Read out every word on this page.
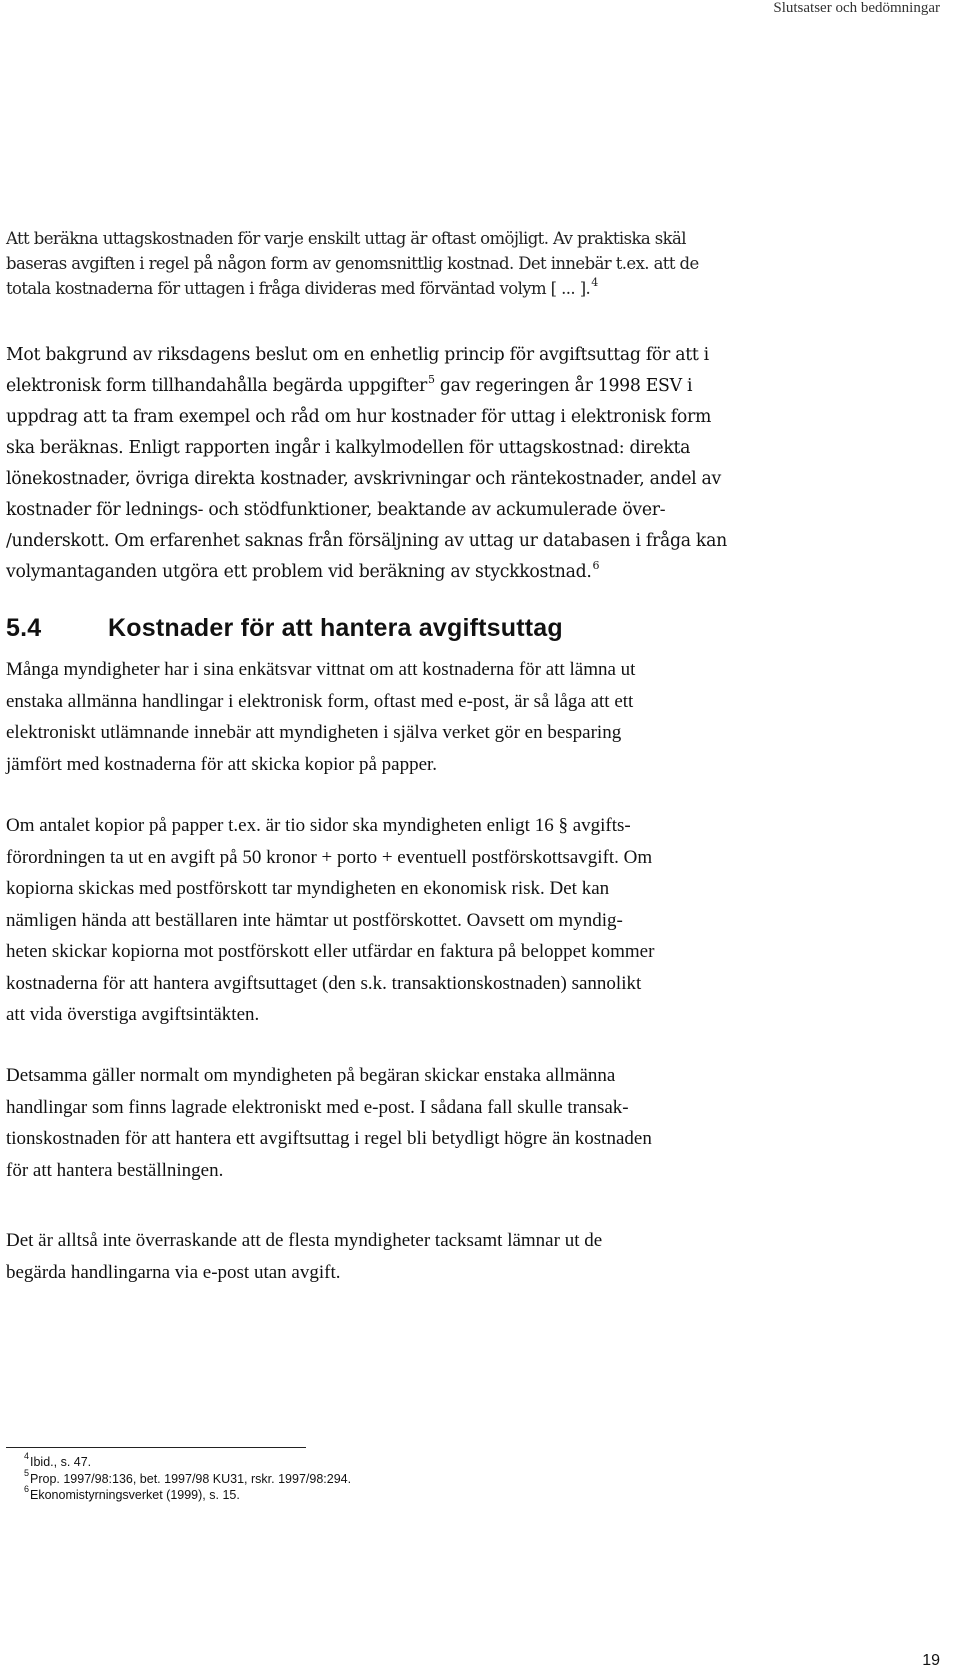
Slutsatser och bedömningar

Att beräkna uttagskostnaden för varje enskilt uttag är oftast omöjligt. Av praktiska skäl
baseras avgiften i regel på någon form av genomsnittlig kostnad. Det innebär t.ex. att de
totala kostnaderna för uttagen i fråga divideras med förväntad volym [ ... ].$^4$

Mot bakgrund av riksdagens beslut om en enhetlig princip för avgiftsuttag för att i
elektronisk form tillhandahålla begärda uppgifter$^5$ gav regeringen år 1998 ESV i
uppdrag att ta fram exempel och råd om hur kostnader för uttag i elektronisk form
ska beräknas. Enligt rapporten ingår i kalkylmodellen för uttagskostnad: direkta
lönekostnader, övriga direkta kostnader, avskrivningar och räntekostnader, andel av
kostnader för lednings- och stödfunktioner, beaktande av ackumulerade över-
/underskott. Om erfarenhet saknas från försäljning av uttag ur databasen i fråga kan
volymantaganden utgöra ett problem vid beräkning av styckkostnad.$^6$

5.4	Kostnader för att hantera avgiftsuttag

Många myndigheter har i sina enkätsvar vittnat om att kostnaderna för att lämna ut
enstaka allmänna handlingar i elektronisk form, oftast med e-post, är så låga att ett
elektroniskt utlämnande innebär att myndigheten i själva verket gör en besparing
jämfört med kostnaderna för att skicka kopior på papper.

Om antalet kopior på papper t.ex. är tio sidor ska myndigheten enligt 16 § avgifts-
förordningen ta ut en avgift på 50 kronor + porto + eventuell postförskottsavgift. Om
kopiorna skickas med postförskott tar myndigheten en ekonomisk risk. Det kan
nämligen hända att beställaren inte hämtar ut postförskottet. Oavsett om myndig-
heten skickar kopiorna mot postförskott eller utfärdar en faktura på beloppet kommer
kostnaderna för att hantera avgiftsuttaget (den s.k. transaktionskostnaden) sannolikt
att vida överstiga avgiftsintäkten.

Detsamma gäller normalt om myndigheten på begäran skickar enstaka allmänna
handlingar som finns lagrade elektroniskt med e-post. I sådana fall skulle transak-
tionskostnaden för att hantera ett avgiftsuttag i regel bli betydligt högre än kostnaden
för att hantera beställningen.

Det är alltså inte överraskande att de flesta myndigheter tacksamt lämnar ut de
begärda handlingarna via e-post utan avgift.

4 Ibid., s. 47.
5 Prop. 1997/98:136, bet. 1997/98 KU31, rskr. 1997/98:294.
6 Ekonomistyrningsverket (1999), s. 15.
19
